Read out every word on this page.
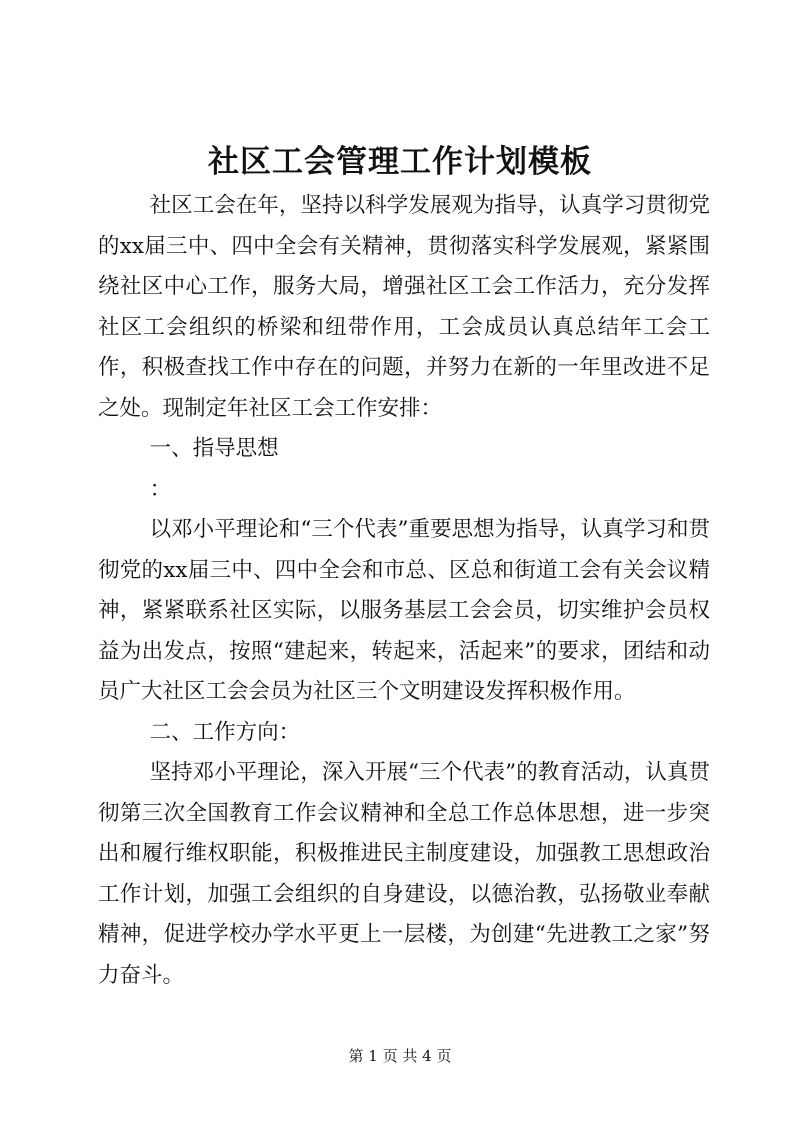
社区工会管理工作计划模板

社区工会在年，坚持以科学发展观为指导，认真学习贯彻党的xx届三中、四中全会有关精神，贯彻落实科学发展观，紧紧围绕社区中心工作，服务大局，增强社区工会工作活力，充分发挥社区工会组织的桥梁和纽带作用，工会成员认真总结年工会工作，积极查找工作中存在的问题，并努力在新的一年里改进不足之处。现制定年社区工会工作安排：

一、指导思想

：

以邓小平理论和“三个代表”重要思想为指导，认真学习和贯彻党的xx届三中、四中全会和市总、区总和街道工会有关会议精神，紧紧联系社区实际，以服务基层工会会员，切实维护会员权益为出发点，按照“建起来，转起来，活起来”的要求，团结和动员广大社区工会会员为社区三个文明建设发挥积极作用。

二、工作方向：

坚持邓小平理论，深入开展“三个代表”的教育活动，认真贯彻第三次全国教育工作会议精神和全总工作总体思想，进一步突出和履行维权职能，积极推进民主制度建设，加强教工思想政治工作计划，加强工会组织的自身建设，以德治教，弘扬敬业奉献精神，促进学校办学水平更上一层楼，为创建“先进教工之家”努力奋斗。

第 1 页 共 4 页
